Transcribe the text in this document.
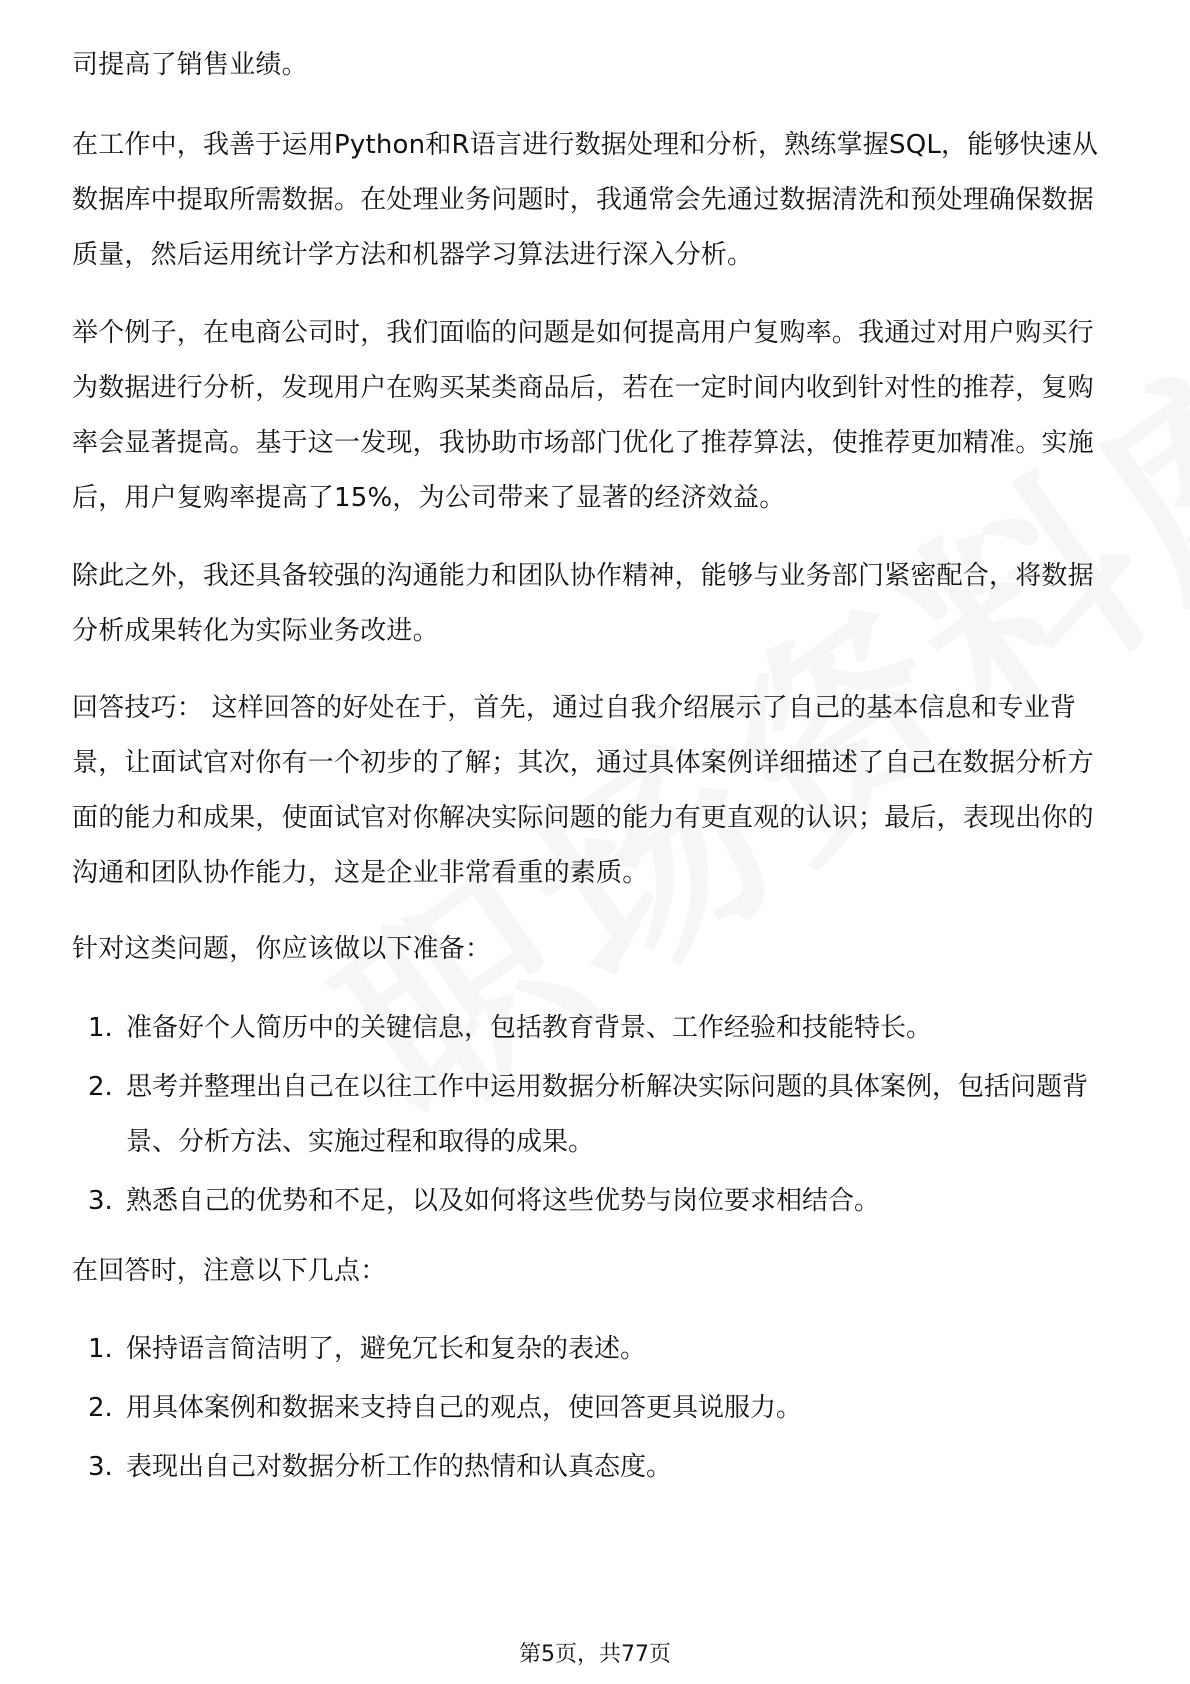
司提高了销售业绩。

在工作中，我善于运用Python和R语言进行数据处理和分析，熟练掌握SQL，能够快速从数据库中提取所需数据。在处理业务问题时，我通常会先通过数据清洗和预处理确保数据质量，然后运用统计学方法和机器学习算法进行深入分析。

举个例子，在电商公司时，我们面临的问题是如何提高用户复购率。我通过对用户购买行为数据进行分析，发现用户在购买某类商品后，若在一定时间内收到针对性的推荐，复购率会显著提高。基于这一发现，我协助市场部门优化了推荐算法，使推荐更加精准。实施后，用户复购率提高了15%，为公司带来了显著的经济效益。

除此之外，我还具备较强的沟通能力和团队协作精神，能够与业务部门紧密配合，将数据分析成果转化为实际业务改进。

回答技巧： 这样回答的好处在于，首先，通过自我介绍展示了自己的基本信息和专业背景，让面试官对你有一个初步的了解；其次，通过具体案例详细描述了自己在数据分析方面的能力和成果，使面试官对你解决实际问题的能力有更直观的认识；最后，表现出你的沟通和团队协作能力，这是企业非常看重的素质。

针对这类问题，你应该做以下准备：

1. 准备好个人简历中的关键信息，包括教育背景、工作经验和技能特长。
2. 思考并整理出自己在以往工作中运用数据分析解决实际问题的具体案例，包括问题背景、分析方法、实施过程和取得的成果。
3. 熟悉自己的优势和不足，以及如何将这些优势与岗位要求相结合。

在回答时，注意以下几点：

1. 保持语言简洁明了，避免冗长和复杂的表述。
2. 用具体案例和数据来支持自己的观点，使回答更具说服力。
3. 表现出自己对数据分析工作的热情和认真态度。
第5页，共77页
